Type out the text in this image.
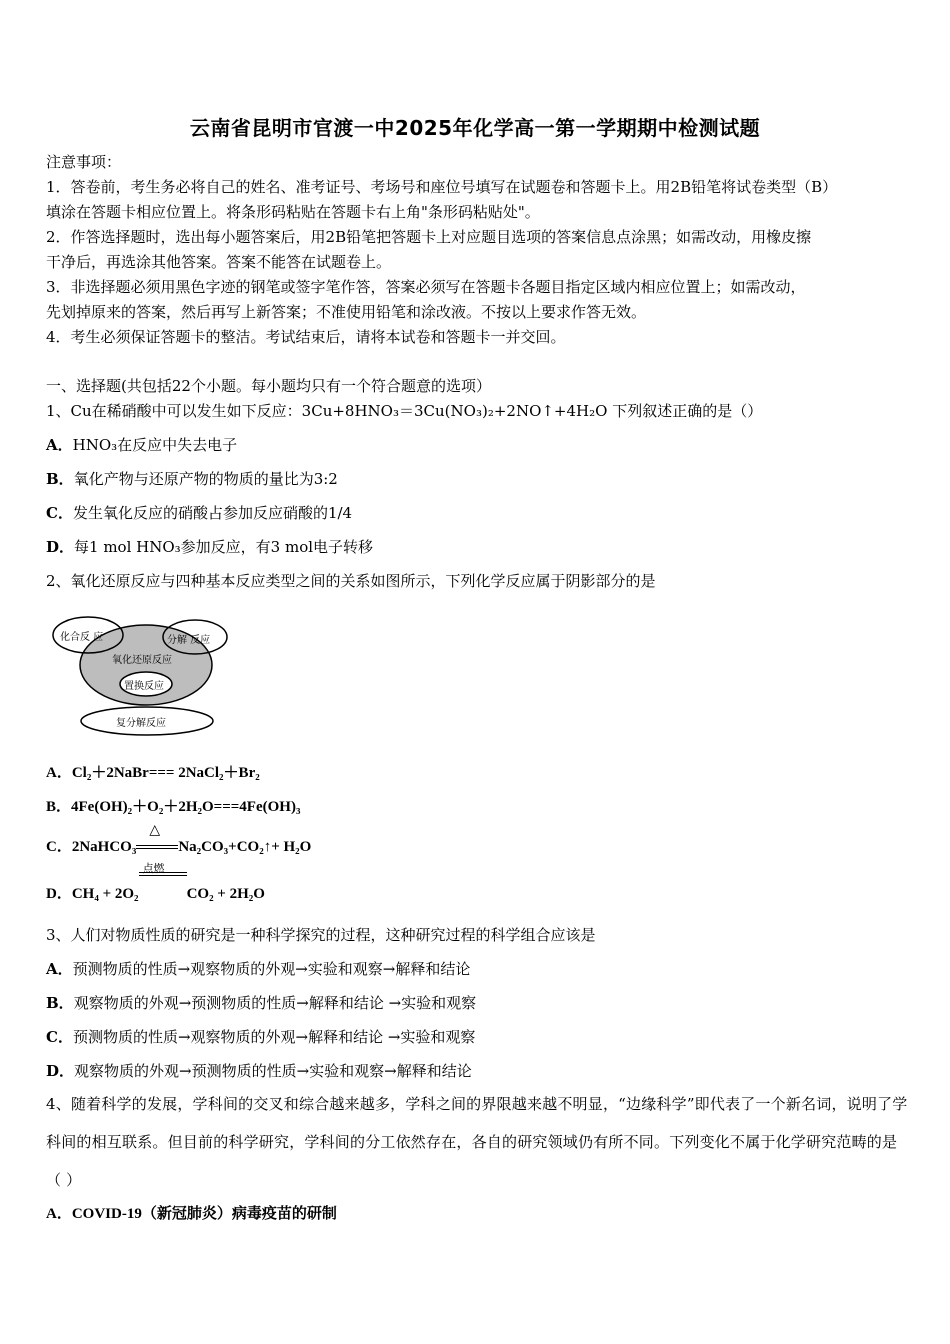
云南省昆明市官渡一中2025年化学高一第一学期期中检测试题
注意事项：
1．答卷前，考生务必将自己的姓名、准考证号、考场号和座位号填写在试题卷和答题卡上。用2B铅笔将试卷类型（B）
填涂在答题卡相应位置上。将条形码粘贴在答题卡右上角"条形码粘贴处"。
2．作答选择题时，选出每小题答案后，用2B铅笔把答题卡上对应题目选项的答案信息点涂黑；如需改动，用橡皮擦
干净后，再选涂其他答案。答案不能答在试题卷上。
3．非选择题必须用黑色字迹的钢笔或签字笔作答，答案必须写在答题卡各题目指定区域内相应位置上；如需改动，
先划掉原来的答案，然后再写上新答案；不准使用铅笔和涂改液。不按以上要求作答无效。
4．考生必须保证答题卡的整洁。考试结束后，请将本试卷和答题卡一并交回。
一、选择题(共包括22个小题。每小题均只有一个符合题意的选项）
1、Cu在稀硝酸中可以发生如下反应：3Cu+8HNO₃＝3Cu(NO₃)₂+2NO↑+4H₂O 下列叙述正确的是（）
A．HNO₃在反应中失去电子
B．氧化产物与还原产物的物质的量比为3:2
C．发生氧化反应的硝酸占参加反应硝酸的1/4
D．每1 mol HNO₃参加反应，有3 mol电子转移
2、氧化还原反应与四种基本反应类型之间的关系如图所示，下列化学反应属于阴影部分的是
化合反 应	分解 反应
氧化还原反应
置换反应
复分解反应
A．Cl₂＋2NaBr=== 2NaCl₂＋Br₂
B．4Fe(OH)₂＋O₂＋2H₂O===4Fe(OH)₃
C．2NaHCO₃
△
Na₂CO₃+CO₂↑+ H₂O
D．CH₄ + 2O₂
点燃
CO₂ + 2H₂O
3、人们对物质性质的研究是一种科学探究的过程，这种研究过程的科学组合应该是
A．预测物质的性质→观察物质的外观→实验和观察→解释和结论
B．观察物质的外观→预测物质的性质→解释和结论 →实验和观察
C．预测物质的性质→观察物质的外观→解释和结论 →实验和观察
D．观察物质的外观→预测物质的性质→实验和观察→解释和结论
4、随着科学的发展，学科间的交叉和综合越来越多，学科之间的界限越来越不明显，“边缘科学”即代表了一个新名词，说明了学科间的相互联系。但目前的科学研究，学科间的分工依然存在，各自的研究领域仍有所不同。下列变化不属于化学研究范畴的是（ ）
A．COVID-19（新冠肺炎）病毒疫苗的研制
